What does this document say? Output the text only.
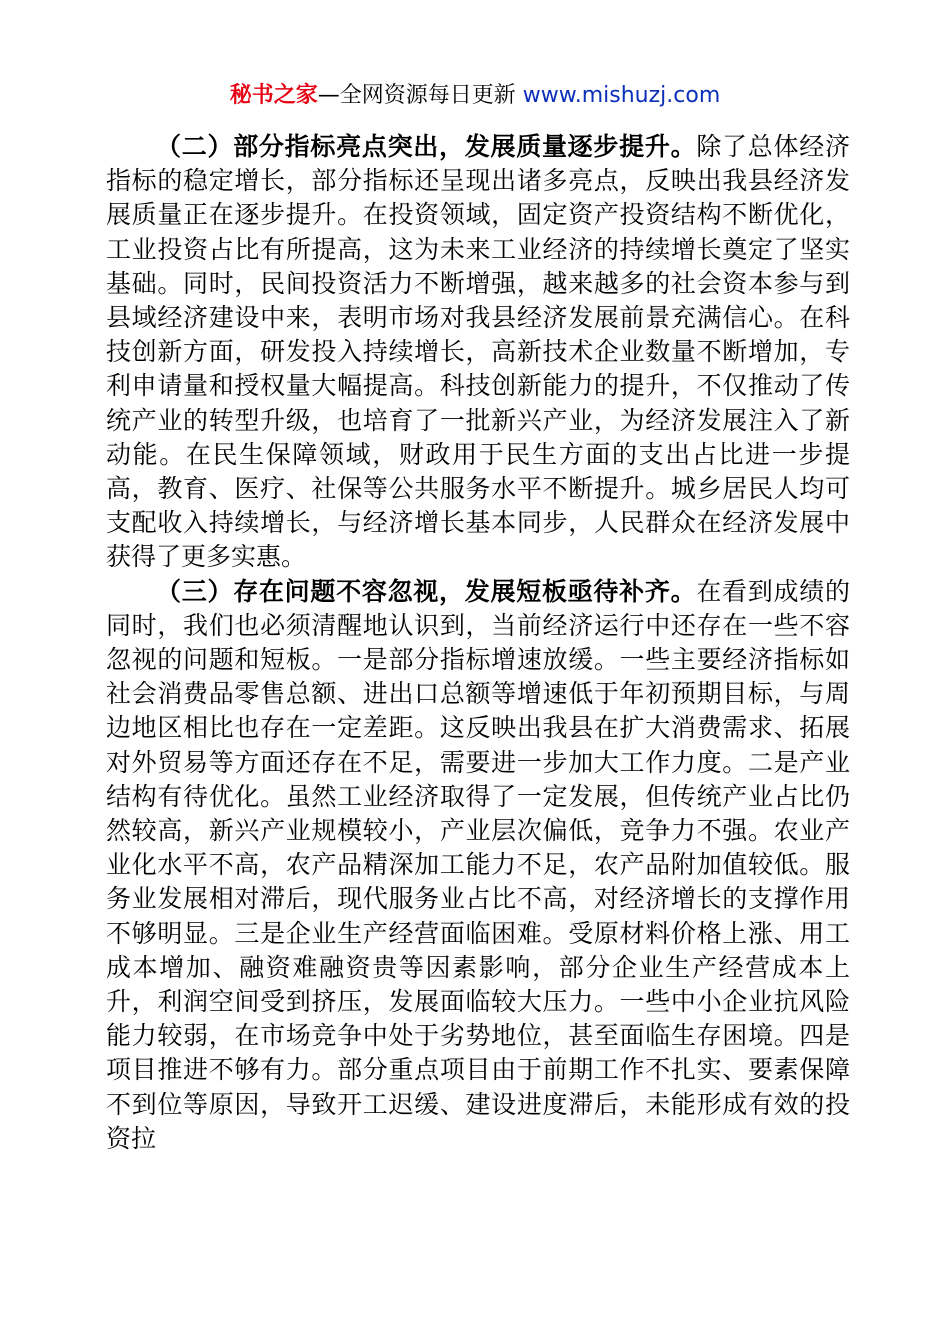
秘书之家—全网资源每日更新 www.mishuzj.com

（二）部分指标亮点突出，发展质量逐步提升。除了总体经济指标的稳定增长，部分指标还呈现出诸多亮点，反映出我县经济发展质量正在逐步提升。在投资领域，固定资产投资结构不断优化，工业投资占比有所提高，这为未来工业经济的持续增长奠定了坚实基础。同时，民间投资活力不断增强，越来越多的社会资本参与到县域经济建设中来，表明市场对我县经济发展前景充满信心。在科技创新方面，研发投入持续增长，高新技术企业数量不断增加，专利申请量和授权量大幅提高。科技创新能力的提升，不仅推动了传统产业的转型升级，也培育了一批新兴产业，为经济发展注入了新动能。在民生保障领域，财政用于民生方面的支出占比进一步提高，教育、医疗、社保等公共服务水平不断提升。城乡居民人均可支配收入持续增长，与经济增长基本同步，人民群众在经济发展中获得了更多实惠。

（三）存在问题不容忽视，发展短板亟待补齐。在看到成绩的同时，我们也必须清醒地认识到，当前经济运行中还存在一些不容忽视的问题和短板。一是部分指标增速放缓。一些主要经济指标如社会消费品零售总额、进出口总额等增速低于年初预期目标，与周边地区相比也存在一定差距。这反映出我县在扩大消费需求、拓展对外贸易等方面还存在不足，需要进一步加大工作力度。二是产业结构有待优化。虽然工业经济取得了一定发展，但传统产业占比仍然较高，新兴产业规模较小，产业层次偏低，竞争力不强。农业产业化水平不高，农产品精深加工能力不足，农产品附加值较低。服务业发展相对滞后，现代服务业占比不高，对经济增长的支撑作用不够明显。三是企业生产经营面临困难。受原材料价格上涨、用工成本增加、融资难融资贵等因素影响，部分企业生产经营成本上升，利润空间受到挤压，发展面临较大压力。一些中小企业抗风险能力较弱，在市场竞争中处于劣势地位，甚至面临生存困境。四是项目推进不够有力。部分重点项目由于前期工作不扎实、要素保障不到位等原因，导致开工迟缓、建设进度滞后，未能形成有效的投资拉
